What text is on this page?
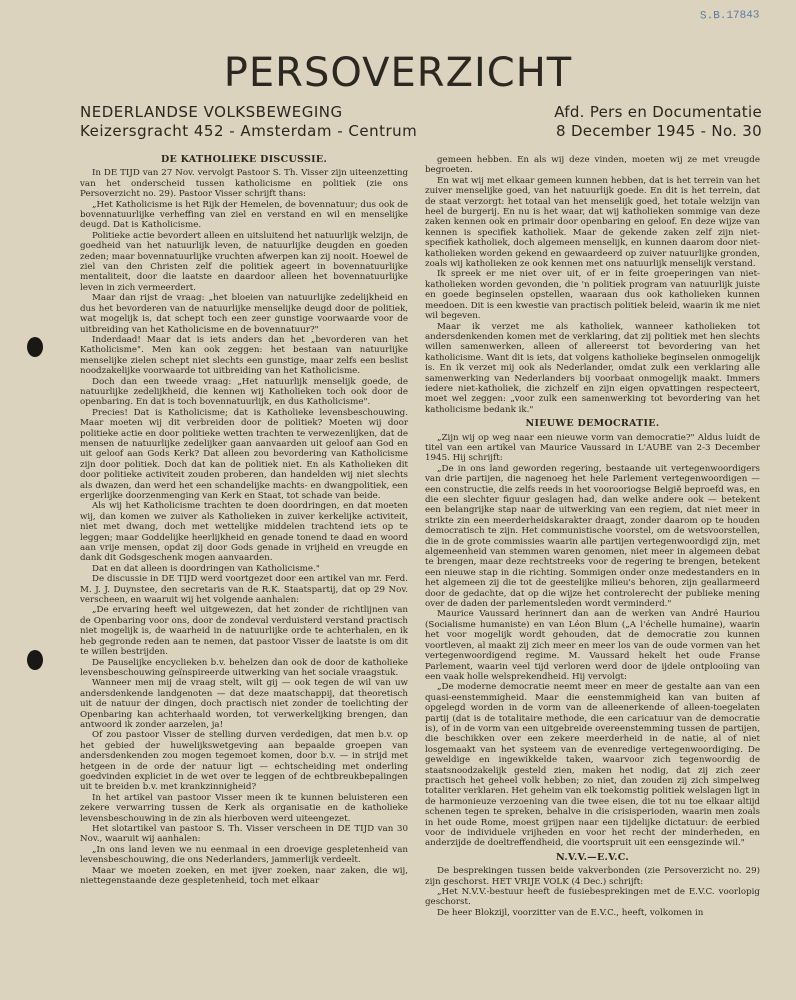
S.B.17843
PERSOVERZICHT
NEDERLANDSE VOLKSBEWEGING
Keizersgracht 452 - Amsterdam - Centrum
Afd. Pers en Documentatie
8 December 1945 - No. 30
DE KATHOLIEKE DISCUSSIE.

In DE TIJD van 27 Nov. vervolgt Pastoor S. Th. Visser zijn uiteenzetting van het onderscheid tussen katholicisme en politiek (zie ons Persoverzicht no. 29). Pastoor Visser schrijft thans:

„Het Katholicisme is het Rijk der Hemelen, de bovennatuur; dus ook de bovennatuurlijke verheffing van ziel en verstand en wil en menselijke deugd. Dat is Katholicisme.

Politieke actie bevordert alleen en uitsluitend het natuurlijk welzijn, de goedheid van het natuurlijk leven, de natuurlijke deugden en goeden zeden; maar bovennatuurlijke vruchten afwerpen kan zij nooit. Hoewel de ziel van den Christen zelf die politiek ageert in bovennatuurlijke mentaliteit, door die laatste en daardoor alleen het bovennatuurlijke leven in zich vermeerdert.

Maar dan rijst de vraag: „het bloeien van natuurlijke zedelijkheid en dus het bevorderen van de natuurlijke menselijke deugd door de politiek, wat mogelijk is, dat schept toch een zeer gunstige voorwaarde voor de uitbreiding van het Katholicisme en de bovennatuur?"

Inderdaad! Maar dat is iets anders dan het „bevorderen van het Katholicisme". Men kan ook zeggen: het bestaan van natuurlijke menselijke zielen schept niet slechts een gunstige, maar zelfs een beslist noodzakelijke voorwaarde tot uitbreiding van het Katholicisme.

Doch dan een tweede vraag: „Het natuurlijk menselijk goede, de natuurlijke zedelijkheid, die kennen wij Katholieken toch ook door de openbaring. En dat is toch bovennatuurlijk, en dus Katholicisme".

Precies! Dat is Katholicisme; dat is Katholieke levensbeschouwing. Maar moeten wij dit verbreiden door de politiek? Moeten wij door politieke actie en door politieke wetten trachten te verwezenlijken, dat de mensen de natuurlijke zedelijker gaan aanvaarden uit geloof aan God en uit geloof aan Gods Kerk? Dat alleen zou bevordering van Katholicisme zijn door politiek. Doch dat kan de politiek niet. En als Katholieken dit door politieke activiteit zouden proberen, dan handelden wij niet slechts als dwazen, dan werd het een schandelijke machts- en dwangpolitiek, een ergerlijke doorzenmenging van Kerk en Staat, tot schade van beide.

Als wij het Katholicisme trachten te doen doordringen, en dat moeten wij, dan komen we zuiver als Katholieken in zuiver kerkelijke activiteit, niet met dwang, doch met wettelijke middelen trachtend iets op te leggen; maar Goddelijke heerlijkheid en genade tonend te daad en woord aan vrije mensen, opdat zij door Gods genade in vrijheid en vreugde en dank dit Godsgeschenk mogen aanvaarden.

Dat en dat alleen is doordringen van Katholicisme."

De discussie in DE TIJD werd voortgezet door een artikel van mr. Ferd. M. J. J. Duynstee, den secretaris van de R.K. Staatspartij, dat op 29 Nov. verscheen, en waaruit wij het volgende aanhalen:

„De ervaring heeft wel uitgewezen, dat het zonder de richtlijnen van de Openbaring voor ons, door de zondeval verduisterd verstand practisch niet mogelijk is, de waarheid in de natuurlijke orde te achterhalen, en ik heb gegronde reden aan te nemen, dat pastoor Visser de laatste is om dit te willen bestrijden.

De Pauselijke encyclieken b.v. behelzen dan ook de door de katholieke levensbeschouwing geïnspireerde uitwerking van het sociale vraagstuk.

Wanneer men mij de vraag stelt, wilt gij — ook tegen de wil van uw andersdenkende landgenoten — dat deze maatschappij, dat theoretisch uit de natuur der dingen, doch practisch niet zonder de toelichting der Openbaring kan achterhaald worden, tot verwerkelijking brengen, dan antwoord ik zonder aarzelen, ja!

Of zou pastoor Visser de stelling durven verdedigen, dat men b.v. op het gebied der huwelijkswetgeving aan bepaalde groepen van andersdenkenden zou mogen tegemoet komen, door b.v. — in strijd met hetgeen in de orde der natuur ligt — echtscheiding met onderling goedvinden expliciet in de wet over te leggen of de echtbreukbepalingen uit te breiden b.v. met krankzinnigheid?

In het artikel van pastoor Visser meen ik te kunnen beluisteren een zekere verwarring tussen de Kerk als organisatie en de katholieke levensbeschouwing in de zin als hierboven werd uiteengezet.

Het slotartikel van pastoor S. Th. Visser verscheen in DE TIJD van 30 Nov., waaruit wij aanhalen:

„In ons land leven we nu eenmaal in een droevige gespletenheid van levensbeschouwing, die ons Nederlanders, jammerlijk verdeelt.

Maar we moeten zoeken, en met ijver zoeken, naar zaken, die wij, niettegenstaande deze gespletenheid, toch met elkaar

gemeen hebben. En als wij deze vinden, moeten wij ze met vreugde begroeten.

En wat wij met elkaar gemeen kunnen hebben, dat is het terrein van het zuiver menselijke goed, van het natuurlijk goede. En dit is het terrein, dat de staat verzorgt: het totaal van het menselijk goed, het totale welzijn van heel de burgerij. En nu is het waar, dat wij katholieken sommige van deze zaken kennen ook en primair door openbaring en geloof. En deze wijze van kennen is specifiek katholiek. Maar de gekende zaken zelf zijn niet-specifiek katholiek, doch algemeen menselijk, en kunnen daarom door niet-katholieken worden gekend en gewaardeerd op zuiver natuurlijke gronden, zoals wij katholieken ze ook kennen met ons natuurlijk menselijk verstand.

Ik spreek er me niet over uit, of er in feite groeperingen van niet-katholieken worden gevonden, die 'n politiek program van natuurlijk juiste en goede beginselen opstellen, waaraan dus ook katholieken kunnen meedoen. Dit is een kwestie van practisch politiek beleid, waarin ik me niet wil begeven.

Maar ik verzet me als katholiek, wanneer katholieken tot andersdenkenden komen met de verklaring, dat zij politiek met hen slechts willen samenwerken, alleen of allereerst tot bevordering van het katholicisme. Want dit is iets, dat volgens katholieke beginselen onmogelijk is. En ik verzet mij ook als Nederlander, omdat zulk een verklaring alle samenwerking van Nederlanders bij voorbaat onmogelijk maakt. Immers iedere niet-katholiek, die zichzelf en zijn eigen opvattingen respecteert, moet wel zeggen: „voor zulk een samenwerking tot bevordering van het katholicisme bedank ik."

NIEUWE DEMOCRATIE.

„Zijn wij op weg naar een nieuwe vorm van democratie?" Aldus luidt de titel van een artikel van Maurice Vaussard in L'AUBE van 2-3 December 1945. Hij schrijft:

„De in ons land geworden regering, bestaande uit vertegenwoordigers van drie partijen, die nagenoeg het hele Parlement vertegenwoordigen — een constructie, die zelfs reeds in het voorooriogse België beproefd was, en die een slechter figuur geslagen had, dan welke andere ook — betekent een belangrijke stap naar de uitwerking van een regiem, dat niet meer in strikte zin een meerderheidskarakter draagt, zonder daarom op te houden democratisch te zijn. Het communistische voorstel, om de wetsvoorstellen, die in de grote commissies waarin alle partijen vertegenwoordigd zijn, met algemeenheid van stemmen waren genomen, niet meer in algemeen debat te brengen, maar deze rechtstreeks voor de regering te brengen, betekent een nieuwe stap in die richting. Sommigen onder onze medestanders en in het algemeen zij die tot de geestelijke milieu's behoren, zijn geallarmeerd door de gedachte, dat op die wijze het controlerecht der publieke mening over de daden der parlementsleden wordt verminderd."

Maurice Vaussard herinnert dan aan de werken van André Hauriou (Socialisme humaniste) en van Léon Blum („A l'échelle humaine), waarin het voor mogelijk wordt gehouden, dat de democratie zou kunnen voortleven, al maakt zij zich meer en meer los van de oude vormen van het vertegenwoordigend regime. M. Vaussard hekelt het oude Franse Parlement, waarin veel tijd verloren werd door de ijdele ontplooiing van een vaak holle welsprekendheid. Hij vervolgt:

„De moderne democratie neemt meer en meer de gestalte aan van een quasi-eenstemmigheid. Maar die eenstemmigheid kan van buiten af opgelegd worden in de vorm van de alleenerkende of alleen-toegelaten partij (dat is de totalitaire methode, die een caricatuur van de democratie is), of in de vorm van een uitgebreide overeenstemming tussen de partijen, die beschikken over een zekere meerderheid in de natie, al of niet losgemaakt van het systeem van de evenredige vertegenwoordiging. De geweldige en ingewikkelde taken, waarvoor zich tegenwoordig de staatsnoodzakelijk gesteld zien, maken het nodig, dat zij zich zeer practisch het geheel volk hebben; zo niet, dan zouden zij zich simpelweg totaliter verklaren. Het geheim van elk toekomstig politiek welslagen ligt in de harmonieuze verzoening van die twee eisen, die tot nu toe elkaar altijd schenen tegen te spreken, behalve in die crisisperioden, waarin men zoals in het oude Rome, moest grijpen naar een tijdelijke dictatuur: de eerbied voor de individuele vrijheden en voor het recht der minderheden, en anderzijde de doeltreffendheid, die voortspruit uit een eensgezinde wil."

N.V.V.—E.V.C.

De besprekingen tussen beide vakverbonden (zie Persoverzicht no. 29) zijn geschorst. HET VRIJE VOLK (4 Dec.) schrijft:

„Het N.V.V.-bestuur heeft de fusiebesprekingen met de E.V.C. voorlopig geschorst.

De heer Blokzijl, voorzitter van de E.V.C., heeft, volkomen in
